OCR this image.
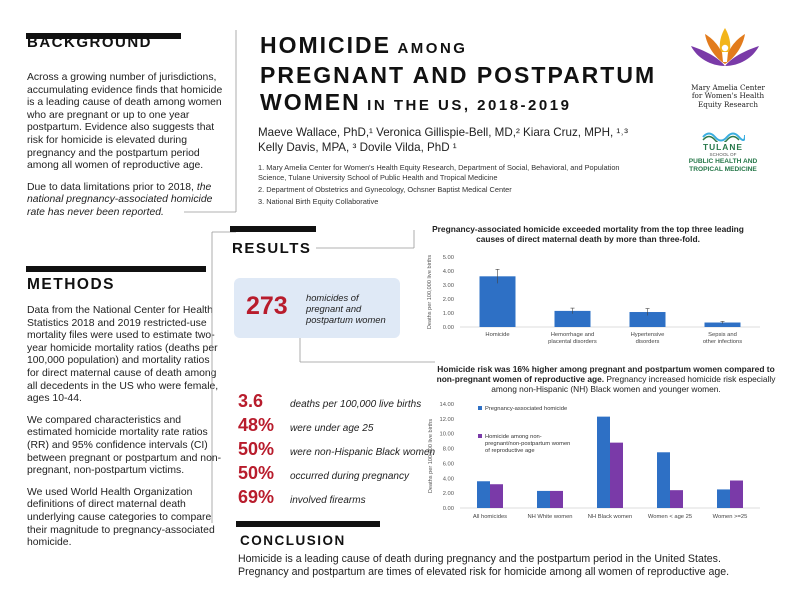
BACKGROUND

Across a growing number of jurisdictions, accumulating evidence finds that homicide is a leading cause of death among women who are pregnant or up to one year postpartum. Evidence also suggests that risk for homicide is elevated during pregnancy and the postpartum period among all women of reproductive age.

Due to data limitations prior to 2018, the national pregnancy-associated homicide rate has never been reported.

METHODS

Data from the National Center for Health Statistics 2018 and 2019 restricted-use mortality files were used to estimate two-year homicide mortality ratios (deaths per 100,000 population) and mortality ratios for direct maternal cause of death among all decedents in the US who were female, ages 10-44.

We compared characteristics and estimated homicide mortality rate ratios (RR) and 95% confidence intervals (CI) between pregnant or postpartum and non-pregnant, non-postpartum victims.

We used World Health Organization definitions of direct maternal death underlying cause categories to compare their magnitude to pregnancy-associated homicide.

HOMICIDE AMONG
PREGNANT AND POSTPARTUM
WOMEN IN THE US, 2018-2019
Maeve Wallace, PhD,¹ Veronica Gillispie-Bell, MD,² Kiara Cruz, MPH, ¹˒³
Kelly Davis, MPA, ³ Dovile Vilda, PhD ¹
1. Mary Amelia Center for Women's Health Equity Research, Department of Social, Behavioral, and Population Science, Tulane University School of Public Health and Tropical Medicine
2. Department of Obstetrics and Gynecology, Ochsner Baptist Medical Center
3. National Birth Equity Collaborative
Mary Amelia Center for Women's Health Equity Research
TULANE
SCHOOL OF
PUBLIC HEALTH AND
TROPICAL MEDICINE
RESULTS
273 homicides of pregnant and postpartum women
3.6	deaths per 100,000 live births
48%	were under age 25
50%	were non-Hispanic Black women
50%	occurred during pregnancy
69%	involved firearms
Pregnancy-associated homicide exceeded mortality from the top three leading causes of direct maternal death by more than three-fold.
Deaths per 100,000 live births 0.00
1.00
2.00
3.00
4.00
5.00
Homicide	Hemorrhage and placental disorders
Hypertensive disorders
Sepsis and other infections
Homicide risk was 16% higher among pregnant and postpartum women compared to non-pregnant women of reproductive age. Pregnancy increased homicide risk especially among non-Hispanic (NH) Black women and younger women.
Deaths per 100,000 live births
0.00
2.00
4.00
6.00
8.00
10.00
12.00
14.00
All homicides	NH White women	NH Black women	Women < age 25	Women >=25
Pregnancy-associated homicide
Homicide among non-pregnant/non-postpartum women of reproductive age
CONCLUSION
Homicide is a leading cause of death during pregnancy and the postpartum period in the United States. Pregnancy and postpartum are times of elevated risk for homicide among all women of reproductive age.
